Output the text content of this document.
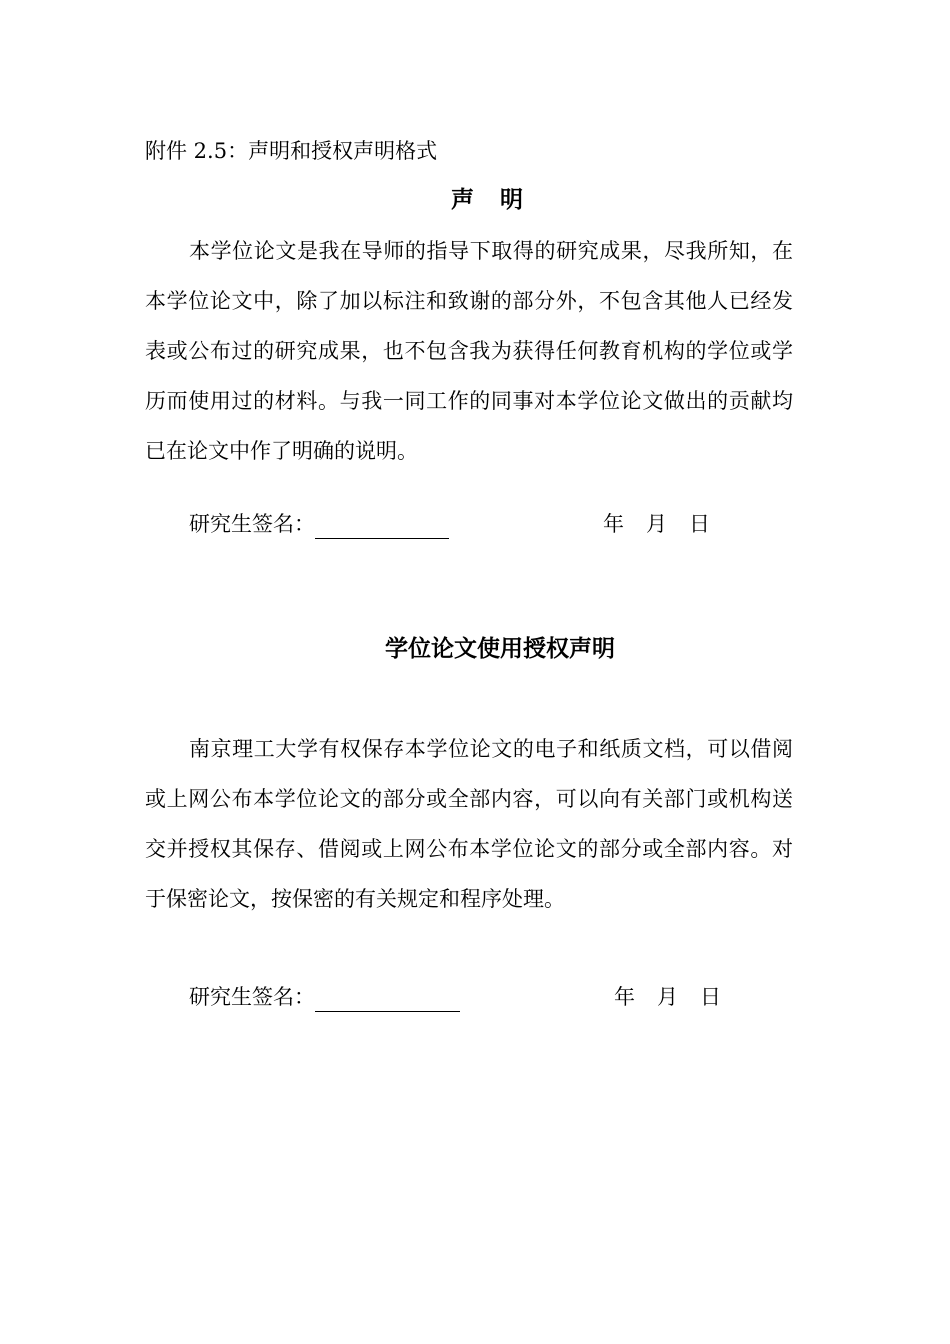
附件 2.5：声明和授权声明格式
声明
本学位论文是我在导师的指导下取得的研究成果，尽我所知，在本学位论文中，除了加以标注和致谢的部分外，不包含其他人已经发表或公布过的研究成果，也不包含我为获得任何教育机构的学位或学历而使用过的材料。与我一同工作的同事对本学位论文做出的贡献均已在论文中作了明确的说明。
研究生签名：	年 月 日
学位论文使用授权声明
南京理工大学有权保存本学位论文的电子和纸质文档，可以借阅或上网公布本学位论文的部分或全部内容，可以向有关部门或机构送交并授权其保存、借阅或上网公布本学位论文的部分或全部内容。对于保密论文，按保密的有关规定和程序处理。
研究生签名：	年 月 日
